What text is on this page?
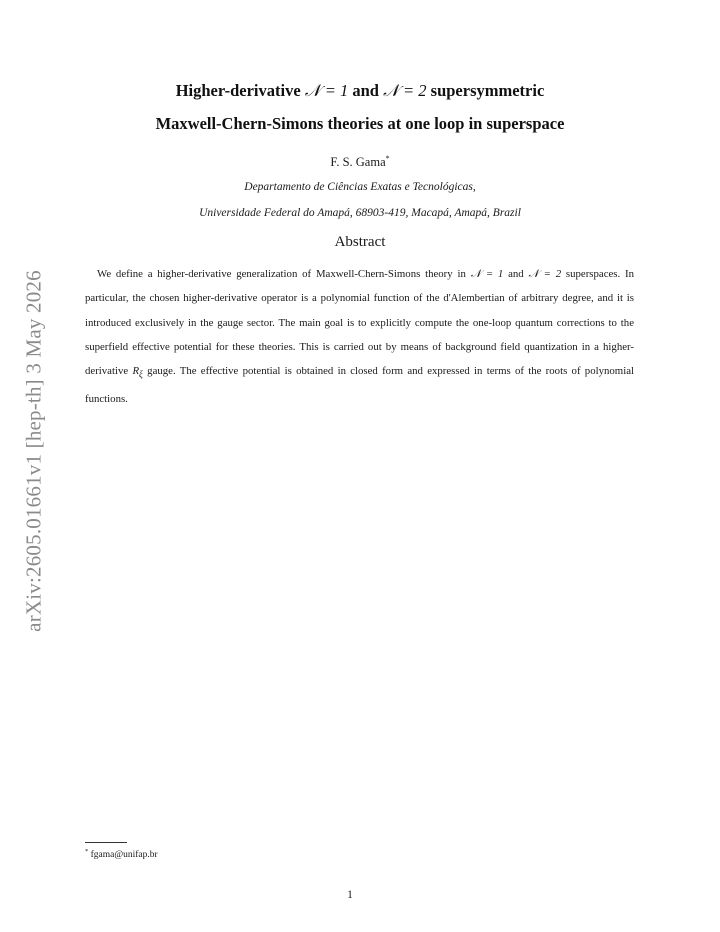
arXiv:2605.01661v1 [hep-th] 3 May 2026
Higher-derivative 𝒩 = 1 and 𝒩 = 2 supersymmetric
Maxwell-Chern-Simons theories at one loop in superspace
F. S. Gama*
Departamento de Ciências Exatas e Tecnológicas,
Universidade Federal do Amapá, 68903-419, Macapá, Amapá, Brazil
Abstract

We define a higher-derivative generalization of Maxwell-Chern-Simons theory in 𝒩 = 1 and 𝒩 = 2 superspaces. In particular, the chosen higher-derivative operator is a polynomial function of the d'Alembertian of arbitrary degree, and it is introduced exclusively in the gauge sector. The main goal is to explicitly compute the one-loop quantum corrections to the superfield effective potential for these theories. This is carried out by means of background field quantization in a higher-derivative $R_\xi$ gauge. The effective potential is obtained in closed form and expressed in terms of the roots of polynomial functions.

* fgama@unifap.br
1
